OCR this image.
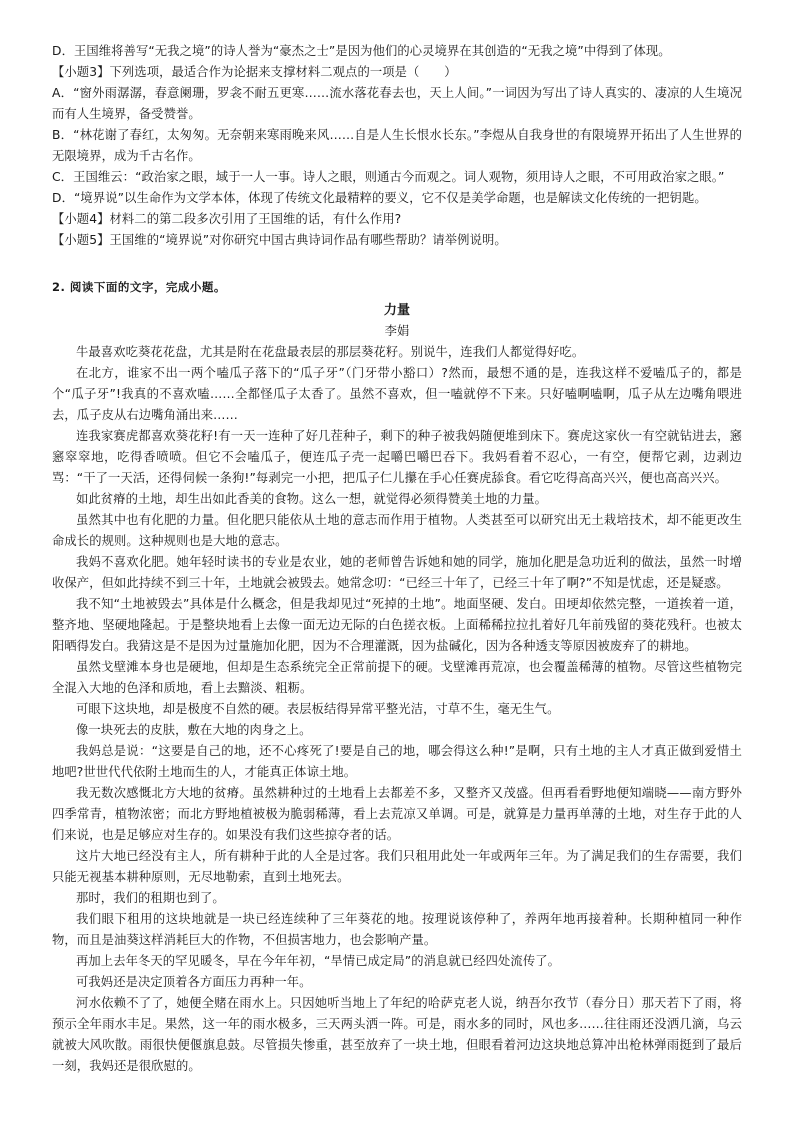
D．王国维将善写“无我之境”的诗人誉为“豪杰之士”是因为他们的心灵境界在其创造的“无我之境”中得到了体现。

【小题3】下列选项，最适合作为论据来支撑材料二观点的一项是（　　）

A．“窗外雨潺潺，春意阑珊，罗衾不耐五更寒……流水落花春去也，天上人间。”一词因为写出了诗人真实的、凄凉的人生境况而有人生境界，备受赞誉。

B．“林花谢了春红，太匆匆。无奈朝来寒雨晚来风……自是人生长恨水长东。”李煜从自我身世的有限境界开拓出了人生世界的无限境界，成为千古名作。

C．王国维云：“政治家之眼，域于一人一事。诗人之眼，则通古今而观之。词人观物，须用诗人之眼，不可用政治家之眼。”

D．“境界说”以生命作为文学本体，体现了传统文化最精粹的要义，它不仅是美学命题，也是解读文化传统的一把钥匙。

【小题4】材料二的第二段多次引用了王国维的话，有什么作用?

【小题5】王国维的“境界说”对你研究中国古典诗词作品有哪些帮助？请举例说明。

2. 阅读下面的文字，完成小题。

力量

李娟

牛最喜欢吃葵花花盘，尤其是附在花盘最表层的那层葵花籽。别说牛，连我们人都觉得好吃。

在北方，谁家不出一两个嗑瓜子落下的“瓜子牙”（门牙带小豁口）?然而，最想不通的是，连我这样不爱嗑瓜子的，都是个“瓜子牙”!我真的不喜欢嗑……全都怪瓜子太香了。虽然不喜欢，但一嗑就停不下来。只好嗑啊嗑啊，瓜子从左边嘴角喂进去，瓜子皮从右边嘴角涌出来……

连我家赛虎都喜欢葵花籽!有一天一连种了好几茬种子，剩下的种子被我妈随便堆到床下。赛虎这家伙一有空就钻进去，窸窸窣窣地，吃得香喷喷。但它不会嗑瓜子，便连瓜子壳一起嚼巴嚼巴吞下。我妈看着不忍心，一有空，便帮它剥，边剥边骂：“干了一天活，还得伺候一条狗!”每剥完一小把，把瓜子仁儿攥在手心任赛虎舔食。看它吃得高高兴兴，便也高高兴兴。

如此贫瘠的土地，却生出如此香美的食物。这么一想，就觉得必须得赞美土地的力量。

虽然其中也有化肥的力量。但化肥只能依从土地的意志而作用于植物。人类甚至可以研究出无土栽培技术，却不能更改生命成长的规则。这种规则也是大地的意志。

我妈不喜欢化肥。她年轻时读书的专业是农业，她的老师曾告诉她和她的同学，施加化肥是急功近利的做法，虽然一时增收保产，但如此持续不到三十年，土地就会被毁去。她常念叨：“已经三十年了，已经三十年了啊?”不知是忧虑，还是疑惑。

我不知“土地被毁去”具体是什么概念，但是我却见过“死掉的土地”。地面坚硬、发白。田埂却依然完整，一道挨着一道，整齐地、坚硬地隆起。于是整块地看上去像一面无边无际的白色搓衣板。上面稀稀拉拉扎着好几年前残留的葵花残秆。也被太阳晒得发白。我猜这是不是因为过量施加化肥，因为不合理灌溉，因为盐碱化，因为各种透支等原因被废弃了的耕地。

虽然戈壁滩本身也是硬地，但却是生态系统完全正常前提下的硬。戈壁滩再荒凉，也会覆盖稀薄的植物。尽管这些植物完全混入大地的色泽和质地，看上去黯淡、粗粝。

可眼下这块地，却是极度不自然的硬。表层板结得异常平整光洁，寸草不生，毫无生气。

像一块死去的皮肤，敷在大地的肉身之上。

我妈总是说：“这要是自己的地，还不心疼死了!要是自己的地，哪会得这么种!”是啊，只有土地的主人才真正做到爱惜土地吧?世世代代依附土地而生的人，才能真正体谅土地。

我无数次感慨北方大地的贫瘠。虽然耕种过的土地看上去都差不多，又整齐又茂盛。但再看看野地便知端晓——南方野外四季常青，植物浓密；而北方野地植被极为脆弱稀薄，看上去荒凉又单调。可是，就算是力量再单薄的土地，对生存于此的人们来说，也是足够应对生存的。如果没有我们这些掠夺者的话。

这片大地已经没有主人，所有耕种于此的人全是过客。我们只租用此处一年或两年三年。为了满足我们的生存需要，我们只能无视基本耕种原则，无尽地勒索，直到土地死去。

那时，我们的租期也到了。

我们眼下租用的这块地就是一块已经连续种了三年葵花的地。按理说该停种了，养两年地再接着种。长期种植同一种作物，而且是油葵这样消耗巨大的作物，不但损害地力，也会影响产量。

再加上去年冬天的罕见暖冬，早在今年年初，“旱情已成定局”的消息就已经四处流传了。

可我妈还是决定顶着各方面压力再种一年。

河水依赖不了了，她便全赌在雨水上。只因她听当地上了年纪的哈萨克老人说，纳吾尔孜节（春分日）那天若下了雨，将预示全年雨水丰足。果然，这一年的雨水极多，三天两头洒一阵。可是，雨水多的同时，风也多……往往雨还没洒几滴，乌云就被大风吹散。雨很快便偃旗息鼓。尽管损失惨重，甚至放弃了一块土地，但眼看着河边这块地总算冲出枪林弹雨挺到了最后一刻，我妈还是很欣慰的。
